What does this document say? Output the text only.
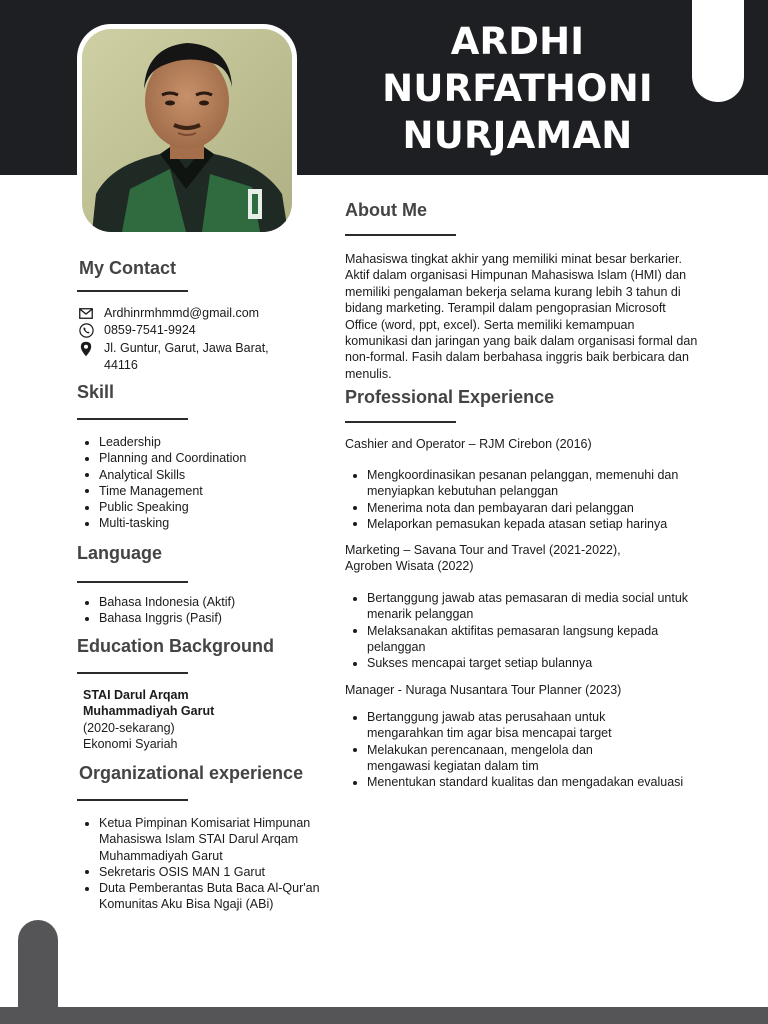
ARDHI
NURFATHONI
NURJAMAN
My Contact
Ardhinrmhmmd@gmail.com
0859-7541-9924
Jl. Guntur, Garut, Jawa Barat,
44116
Skill
Leadership
Planning and Coordination
Analytical Skills
Time Management
Public Speaking
Multi-tasking
Language
Bahasa Indonesia (Aktif)
Bahasa Inggris (Pasif)
Education Background
STAI Darul Arqam
Muhammadiyah Garut
(2020-sekarang)
Ekonomi Syariah
Organizational experience
Ketua Pimpinan Komisariat Himpunan
Mahasiswa Islam STAI Darul Arqam
Muhammadiyah Garut
Sekretaris OSIS MAN 1 Garut
Duta Pemberantas Buta Baca Al-Qur'an
Komunitas Aku Bisa Ngaji (ABi)
About Me
Mahasiswa tingkat akhir yang memiliki minat besar berkarier.
Aktif dalam organisasi Himpunan Mahasiswa Islam (HMI) dan
memiliki pengalaman bekerja selama kurang lebih 3 tahun di
bidang marketing. Terampil dalam pengoprasian Microsoft
Office (word, ppt, excel). Serta memiliki kemampuan
komunikasi dan jaringan yang baik dalam organisasi formal dan
non-formal. Fasih dalam berbahasa inggris baik berbicara dan
menulis.
Professional Experience
Cashier and Operator – RJM Cirebon (2016)
Mengkoordinasikan pesanan pelanggan, memenuhi dan
menyiapkan kebutuhan pelanggan
Menerima nota dan pembayaran dari pelanggan
Melaporkan pemasukan kepada atasan setiap harinya
Marketing – Savana Tour and Travel (2021-2022),
Agroben Wisata (2022)
Bertanggung jawab atas pemasaran di media social untuk
menarik pelanggan
Melaksanakan aktifitas pemasaran langsung kepada
pelanggan
Sukses mencapai target setiap bulannya
Manager - Nuraga Nusantara Tour Planner (2023)
Bertanggung jawab atas perusahaan untuk
mengarahkan tim agar bisa mencapai target
Melakukan perencanaan, mengelola dan
mengawasi kegiatan dalam tim
Menentukan standard kualitas dan mengadakan evaluasi
